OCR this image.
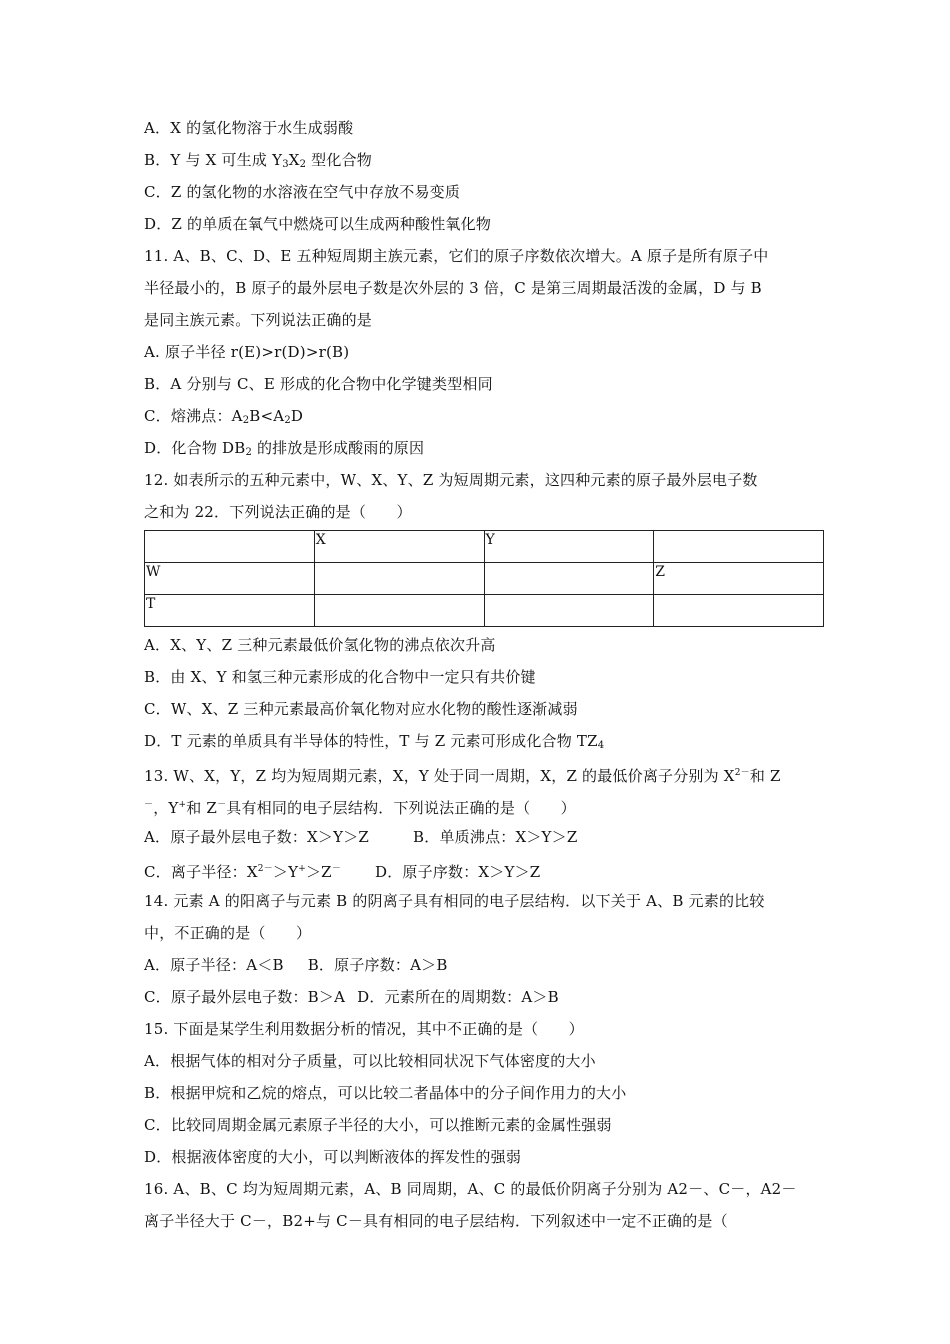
A．X 的氢化物溶于水生成弱酸
B．Y 与 X 可生成 $Y_3X_2$ 型化合物
C．Z 的氢化物的水溶液在空气中存放不易变质
D．Z 的单质在氧气中燃烧可以生成两种酸性氧化物
11. A、B、C、D、E 五种短周期主族元素，它们的原子序数依次增大。A 原子是所有原子中
半径最小的，B 原子的最外层电子数是次外层的 3 倍，C 是第三周期最活泼的金属，D 与 B
是同主族元素。下列说法正确的是
A. 原子半径 r(E)>r(D)>r(B)
B．A 分别与 C、E 形成的化合物中化学键类型相同
C．熔沸点：$A_2B<A_2D$
D．化合物 $DB_2$ 的排放是形成酸雨的原因
12. 如表所示的五种元素中，W、X、Y、Z 为短周期元素，这四种元素的原子最外层电子数
之和为 22．下列说法正确的是（　　）
	X	Y	
W			Z
T			
A．X、Y、Z 三种元素最低价氢化物的沸点依次升高
B．由 X、Y 和氢三种元素形成的化合物中一定只有共价键
C．W、X、Z 三种元素最高价氧化物对应水化物的酸性逐渐减弱
D．T 元素的单质具有半导体的特性，T 与 Z 元素可形成化合物 $TZ_4$
13. W、X，Y，Z 均为短周期元素，X，Y 处于同一周期，X，Z 的最低价离子分别为 $X^{2-}$和 Z
－，Y+和 Z－具有相同的电子层结构．下列说法正确的是（　　）
A．原子最外层电子数：X＞Y＞Z	B．单质沸点：X＞Y＞Z
C．离子半径：$X^{2-}>Y^+>Z^-$ D．原子序数：X＞Y＞Z
14. 元素 A 的阳离子与元素 B 的阴离子具有相同的电子层结构．以下关于 A、B 元素的比较
中，不正确的是（　　）
A．原子半径：A＜B B．原子序数：A＞B
C．原子最外层电子数：B＞A D．元素所在的周期数：A＞B
15. 下面是某学生利用数据分析的情况，其中不正确的是（　　）
A．根据气体的相对分子质量，可以比较相同状况下气体密度的大小
B．根据甲烷和乙烷的熔点，可以比较二者晶体中的分子间作用力的大小
C．比较同周期金属元素原子半径的大小，可以推断元素的金属性强弱
D．根据液体密度的大小，可以判断液体的挥发性的强弱
16. A、B、C 均为短周期元素，A、B 同周期，A、C 的最低价阴离子分别为 A2－、C－，A2－
离子半径大于 C－，B2+与 C－具有相同的电子层结构．下列叙述中一定不正确的是（
